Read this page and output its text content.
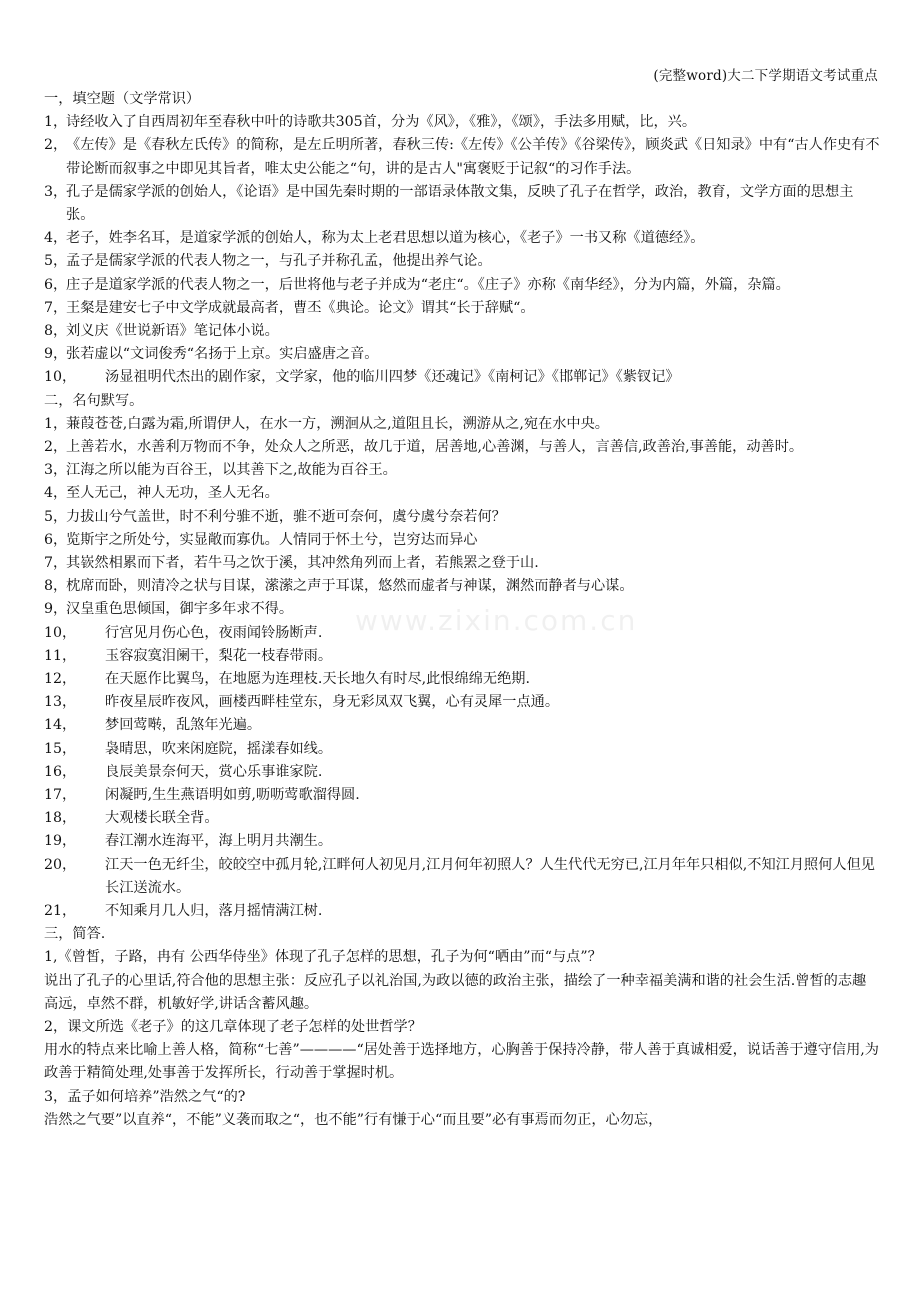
(完整word)大二下学期语文考试重点
一，填空题（文学常识）
1，
诗经收入了自西周初年至春秋中叶的诗歌共305首，分为《风》，《雅》，《颂》，手法多用赋，比，兴。
2，
《左传》是《春秋左氏传》的简称，是左丘明所著，春秋三传:《左传》《公羊传》《谷梁传》，顾炎武《日知录》中有“古人作史有不带论断而叙事之中即见其旨者，唯太史公能之“句，讲的是古人"寓褒贬于记叙“的习作手法。
3，
孔子是儒家学派的创始人，《论语》是中国先秦时期的一部语录体散文集，反映了孔子在哲学，政治，教育，文学方面的思想主张。
4，
老子，姓李名耳，是道家学派的创始人，称为太上老君思想以道为核心，《老子》一书又称《道德经》。
5，
孟子是儒家学派的代表人物之一，与孔子并称孔孟，他提出养气论。
6，
庄子是道家学派的代表人物之一，后世将他与老子并成为“老庄“。《庄子》亦称《南华经》，分为内篇，外篇，杂篇。
7，
王粲是建安七子中文学成就最高者，曹丕《典论。论文》谓其“长于辞赋“。
8，
刘义庆《世说新语》笔记体小说。
9，
张若虚以“文词俊秀“名扬于上京。实启盛唐之音。
10，	汤显祖明代杰出的剧作家，文学家，他的临川四梦《还魂记》《南柯记》《邯郸记》《紫钗记》
二，名句默写。
1，
蒹葭苍苍,白露为霜,所谓伊人，在水一方，溯洄从之,道阻且长，溯游从之,宛在水中央。
2，
上善若水，水善利万物而不争，处众人之所恶，故几于道，居善地,心善渊，与善人，言善信,政善治,事善能，动善时。
3，
江海之所以能为百谷王，以其善下之,故能为百谷王。
4，
至人无己，神人无功，圣人无名。
5，
力拔山兮气盖世，时不利兮骓不逝，骓不逝可奈何，虞兮虞兮奈若何？
6，
览斯宇之所处兮，实显敞而寡仇。人情同于怀土兮，岂穷达而异心
7，
其嵚然相累而下者，若牛马之饮于溪，其冲然角列而上者，若熊罴之登于山.
8，
枕席而卧，则清冷之状与目谋，潆潆之声于耳谋，悠然而虚者与神谋，渊然而静者与心谋。
9，
汉皇重色思倾国，御宇多年求不得。
10，	行宫见月伤心色，夜雨闻铃肠断声.
11，	玉容寂寞泪阑干，梨花一枝春带雨。
12，	在天愿作比翼鸟，在地愿为连理枝.天长地久有时尽,此恨绵绵无绝期.
13，	昨夜星辰昨夜风，画楼西畔桂堂东，身无彩凤双飞翼，心有灵犀一点通。
14，	梦回莺啭，乱煞年光遍。
15，	袅晴思，吹来闲庭院，摇漾春如线。
16，	良辰美景奈何天，赏心乐事谁家院.
17，	闲凝眄,生生燕语明如剪,呖呖莺歌溜得圆.
18，	大观楼长联全背。
19，	春江潮水连海平，海上明月共潮生。
20，	江天一色无纤尘，皎皎空中孤月轮,江畔何人初见月,江月何年初照人？人生代代无穷已,江月年年只相似,不知江月照何人但见长江送流水。
21，	不知乘月几人归，落月摇情满江树.
三，简答.
1,《曾皙，子路，冉有 公西华侍坐》体现了孔子怎样的思想，孔子为何“哂由”而“与点”？
说出了孔子的心里话,符合他的思想主张：反应孔子以礼治国,为政以德的政治主张，描绘了一种幸福美满和谐的社会生活.曾皙的志趣高远，卓然不群，机敏好学,讲话含蓄风趣。
2，课文所选《老子》的这几章体现了老子怎样的处世哲学？
用水的特点来比喻上善人格，简称“七善”————“居处善于选择地方，心胸善于保持冷静，带人善于真诚相爱，说话善于遵守信用,为政善于精简处理,处事善于发挥所长，行动善于掌握时机。
3，孟子如何培养”浩然之气“的?
浩然之气要”以直养“，不能”义袭而取之“，也不能”行有慊于心“而且要”必有事焉而勿正，心勿忘，
www.zixin.com.cn
